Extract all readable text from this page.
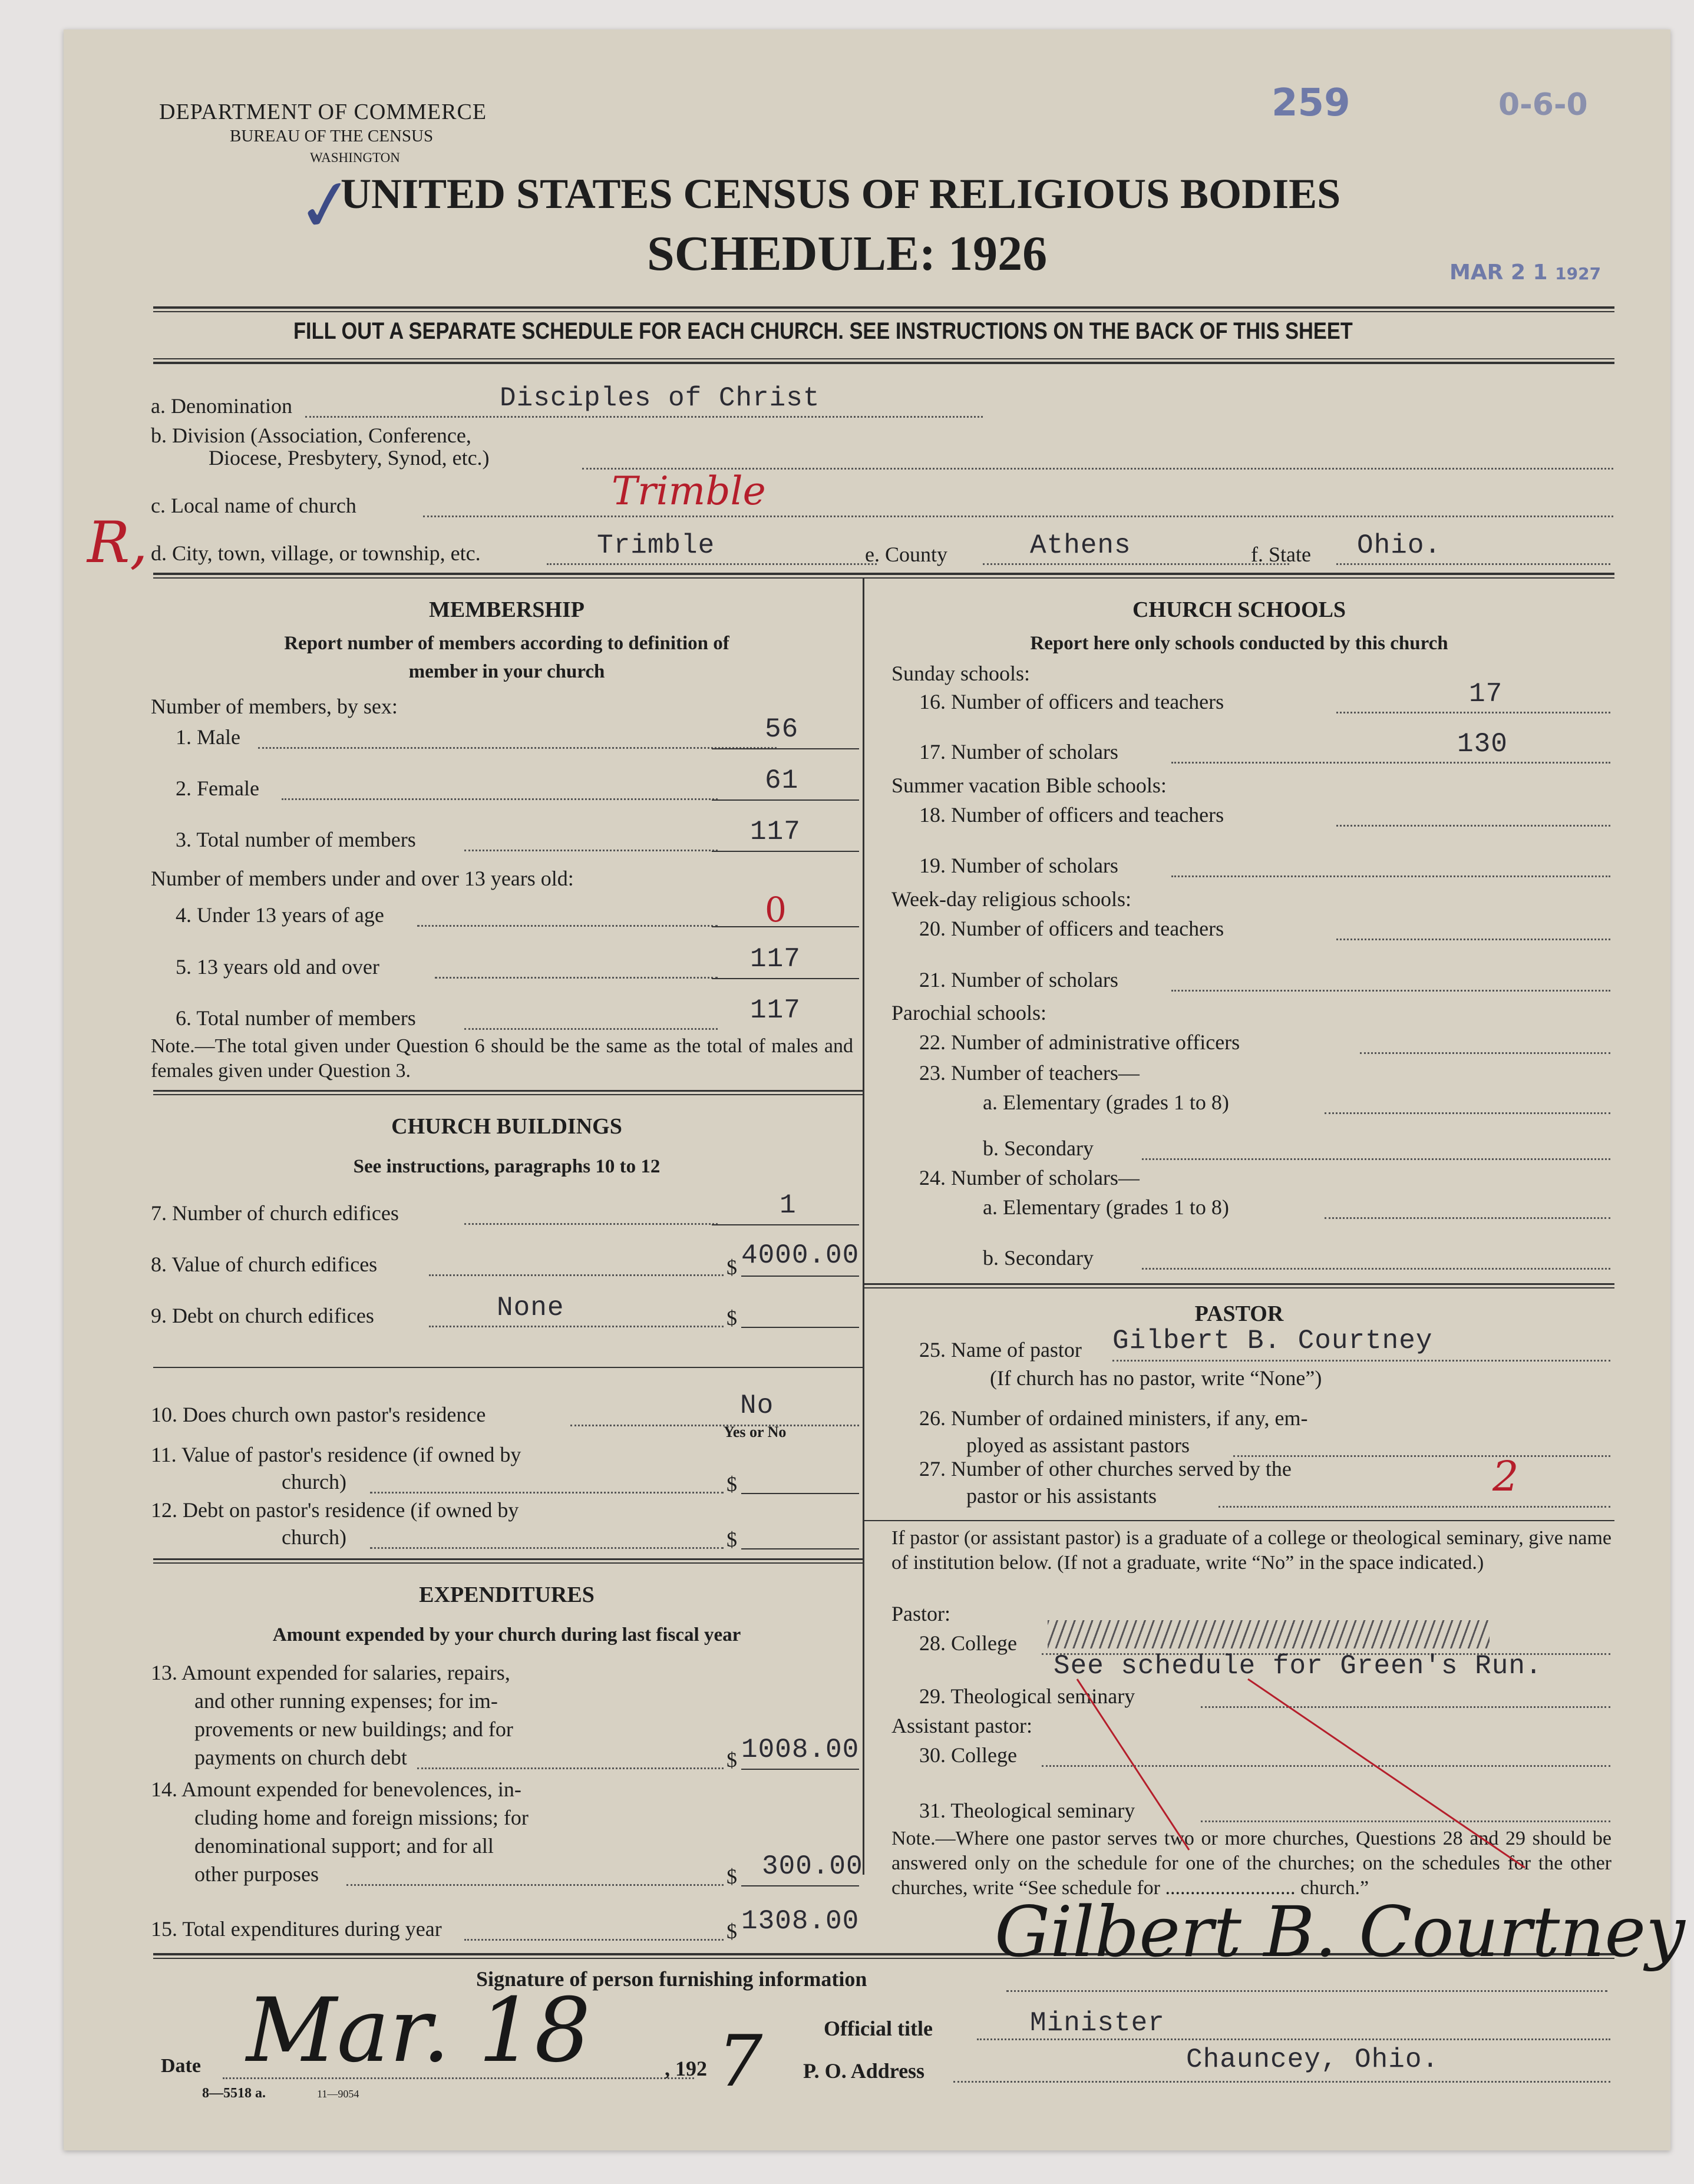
DEPARTMENT OF COMMERCE
BUREAU OF THE CENSUS
WASHINGTON
UNITED STATES CENSUS OF RELIGIOUS BODIES
SCHEDULE: 1926
✓
259	0-6-0
MAR 2 1 1927
FILL OUT A SEPARATE SCHEDULE FOR EACH CHURCH. SEE INSTRUCTIONS ON THE BACK OF THIS SHEET
a. Denomination	Disciples of Christ
b. Division (Association, Conference,
Diocese, Presbytery, Synod, etc.)
c. Local name of church	Trimble
R, d. City, town, village, or township, etc.	Trimble	e. County	Athens	f. State Ohio.
MEMBERSHIP
Report number of members according to definition of
member in your church
Number of members, by sex:
1. Male	56
2. Female	61
3. Total number of members	117
Number of members under and over 13 years old:
4. Under 13 years of age	0
5. 13 years old and over	117
6. Total number of members	117
Note.—The total given under Question 6 should be the same as the total of males and females given under Question 3.
CHURCH BUILDINGS
See instructions, paragraphs 10 to 12
7. Number of church edifices	1
8. Value of church edifices	$ 4000.00
9. Debt on church edifices	None	$
10. Does church own pastor's residence	No
Yes or No
11. Value of pastor's residence (if owned by
church)	$
12. Debt on pastor's residence (if owned by
church)	$
EXPENDITURES
Amount expended by your church during last fiscal year
13. Amount expended for salaries, repairs,
and other running expenses; for im-
provements or new buildings; and for
payments on church debt	$ 1008.00
14. Amount expended for benevolences, in-
cluding home and foreign missions; for
denominational support; and for all
other purposes	$ 300.00
15. Total expenditures during year	$ 1308.00
CHURCH SCHOOLS
Report here only schools conducted by this church
Sunday schools:
16. Number of officers and teachers	17
17. Number of scholars	130
Summer vacation Bible schools:
18. Number of officers and teachers
19. Number of scholars
Week-day religious schools:
20. Number of officers and teachers
21. Number of scholars
Parochial schools:
22. Number of administrative officers
23. Number of teachers—
a. Elementary (grades 1 to 8)
b. Secondary
24. Number of scholars—
a. Elementary (grades 1 to 8)
b. Secondary
PASTOR
25. Name of pastor Gilbert B. Courtney
(If church has no pastor, write “None”)
26. Number of ordained ministers, if any, em-
ployed as assistant pastors
27. Number of other churches served by the
pastor or his assistants	2
If pastor (or assistant pastor) is a graduate of a college or theological seminary, give name of institution below. (If not a graduate, write “No” in the space indicated.)
Pastor:
28. College
See schedule for Green's Run.
29. Theological seminary
Assistant pastor:
30. College
31. Theological seminary
Note.—Where one pastor serves two or more churches, Questions 28 and 29 should be answered only on the schedule for one of the churches; on the schedules for the other churches, write “See schedule for .......................... church.”
Signature of person furnishing information
Gilbert B. Courtney
Official title	Minister
Date Mar. 18	, 192 7 P. O. Address	Chauncey, Ohio.
8—5518 a.	11—9054
